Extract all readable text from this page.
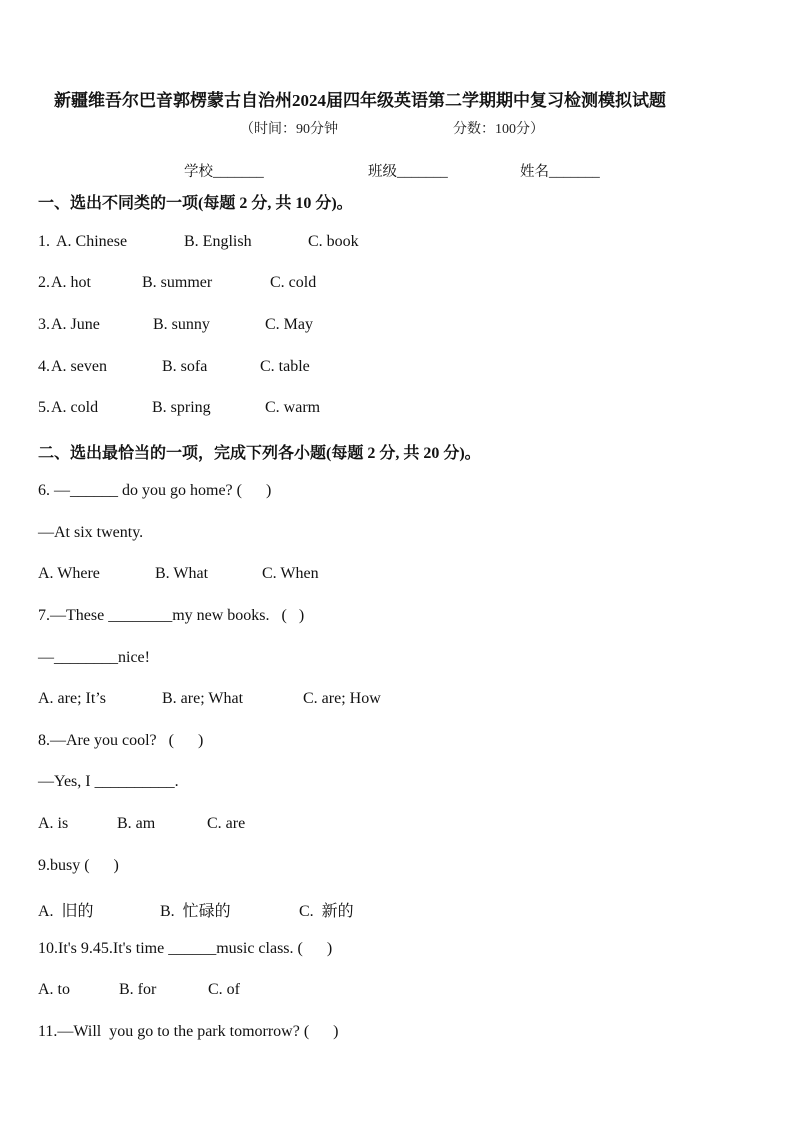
新疆维吾尔巴音郭楞蒙古自治州2024届四年级英语第二学期期中复习检测模拟试题
（时间：90分钟	分数：100分）
学校_______	班级_______	姓名_______
一、选出不同类的一项(每题 2 分, 共 10 分)。
1. A. Chinese	B. English	C. book
2. A. hot	B. summer	C. cold
3. A. June	B. sunny	C. May
4. A. seven	B. sofa	C. table
5. A. cold	B. spring	C. warm
二、选出最恰当的一项，完成下列各小题(每题 2 分, 共 20 分)。
6. —______ do you go home? (      )
—At six twenty.
A. Where	B. What	C. When
7.—These ________my new books.   (   )
—________nice!
A. are; It’s	B. are; What	C. are; How
8.—Are you cool?   (      )
—Yes, I __________.
A. is	B. am	C. are
9.busy (      )
A.  旧的	B.  忙碌的	C.  新的
10.It's 9.45.It's time ______music class. (      )
A. to	B. for	C. of
11.—Will  you go to the park tomorrow? (      )
